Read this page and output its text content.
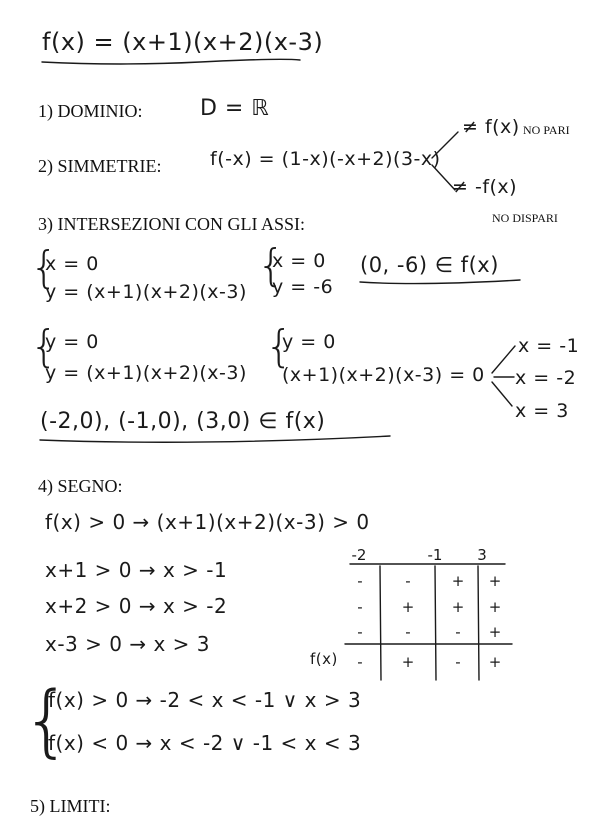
f(x) = (x+1)(x+2)(x-3)
1) DOMINIO:	D = ℝ
2) SIMMETRIE:	f(-x) = (1-x)(-x+2)(3-x)
≠ f(x) NO PARI
≠ -f(x)
NO DISPARI
3) INTERSEZIONI CON GLI ASSI:
{
x = 0
y = (x+1)(x+2)(x-3)
{
x = 0
y = -6
(0, -6) ∈ f(x)
{
y = 0
y = (x+1)(x+2)(x-3)
{
y = 0
(x+1)(x+2)(x-3) = 0
x = -1
x = -2
x = 3
(-2,0), (-1,0), (3,0) ∈ f(x)
4) SEGNO:
f(x) > 0 → (x+1)(x+2)(x-3) > 0
x+1 > 0 → x > -1
x+2 > 0 → x > -2
x-3 > 0 → x > 3
-2	-1 3
f(x)
-	-	+ +
-	+ + +
-	-	- +
-	+	- +
{
f(x) > 0 → -2 < x < -1 ∨ x > 3
f(x) < 0 → x < -2 ∨ -1 < x < 3
5) LIMITI:
